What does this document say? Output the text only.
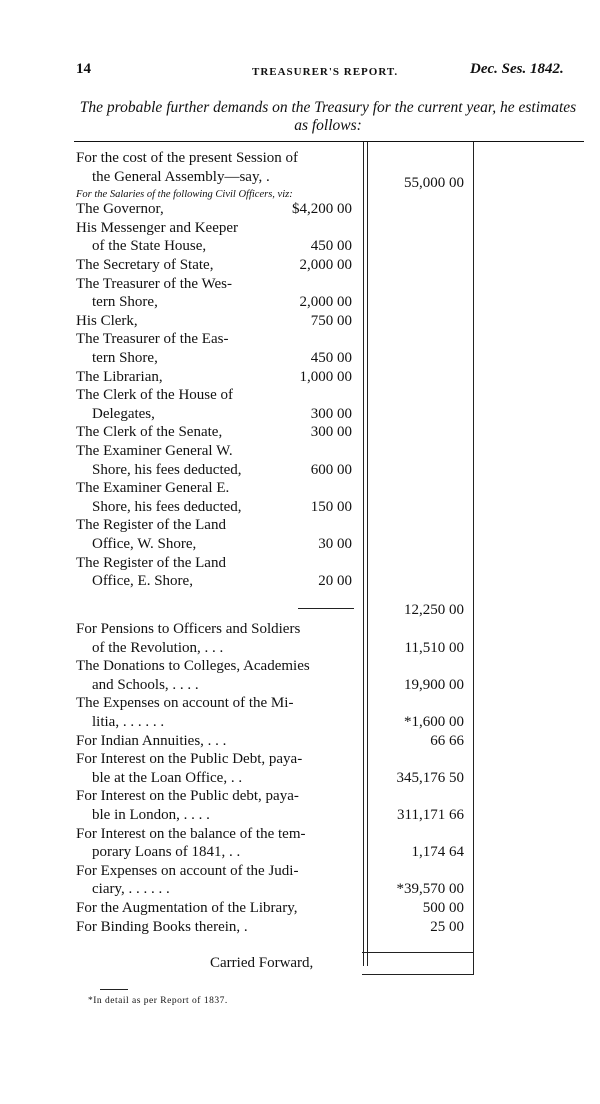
14	TREASURER'S REPORT.	Dec. Ses. 1842.
The probable further demands on the Treasury for the current year, he estimates as follows:
For the cost of the present Session of
the General Assembly—say, .	55,000 00
For the Salaries of the following Civil Officers, viz:
The Governor,	$4,200 00
His Messenger and Keeper
of the State House,	450 00
The Secretary of State,	2,000 00
The Treasurer of the Wes-
tern Shore,	2,000 00
His Clerk,	750 00
The Treasurer of the Eas-
tern Shore,	450 00
The Librarian,	1,000 00
The Clerk of the House of
Delegates,	300 00
The Clerk of the Senate,	300 00
The Examiner General W.
Shore, his fees deducted,	600 00
The Examiner General E.
Shore, his fees deducted,	150 00
The Register of the Land
Office, W. Shore,	30 00
The Register of the Land
Office, E. Shore,	20 00
12,250 00
For Pensions to Officers and Soldiers
of the Revolution, . . .	11,510 00
The Donations to Colleges, Academies
and Schools, . . . .	19,900 00
The Expenses on account of the Mi-
litia, . . . . . .	*1,600 00
For Indian Annuities, . . .	66 66
For Interest on the Public Debt, paya-
ble at the Loan Office, . .	345,176 50
For Interest on the Public debt, paya-
ble in London, . . . .	311,171 66
For Interest on the balance of the tem-
porary Loans of 1841, . .	1,174 64
For Expenses on account of the Judi-
ciary, . . . . . .	*39,570 00
For the Augmentation of the Library,	500 00
For Binding Books therein, .	25 00
Carried Forward,
*In detail as per Report of 1837.
